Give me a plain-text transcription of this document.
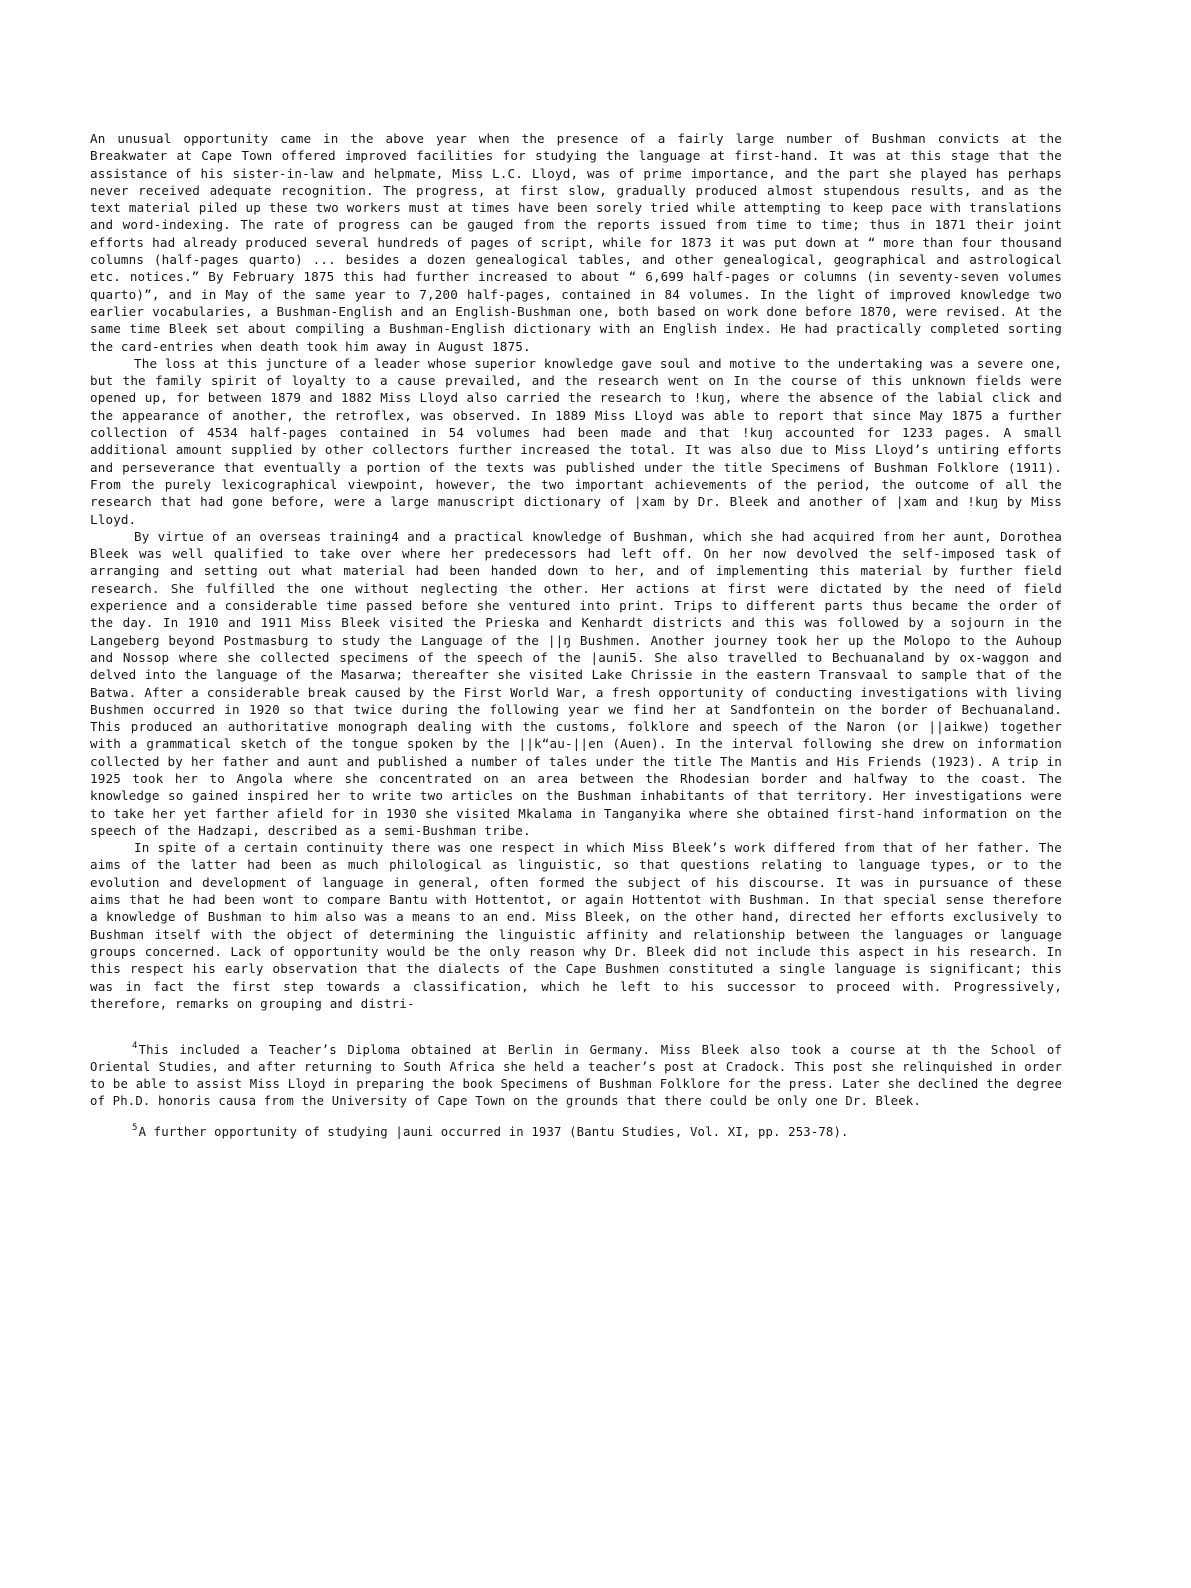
An unusual opportunity came in the above year when the presence of a fairly large number of Bushman convicts at the Breakwater at Cape Town offered improved facilities for studying the language at first-hand. It was at this stage that the assistance of his sister-in-law and helpmate, Miss L.C. Lloyd, was of prime importance, and the part she played has perhaps never received adequate recognition. The progress, at first slow, gradually produced almost stupendous results, and as the text material piled up these two workers must at times have been sorely tried while attempting to keep pace with translations and word-indexing. The rate of progress can be gauged from the reports issued from time to time; thus in 1871 their joint efforts had already produced several hundreds of pages of script, while for 1873 it was put down at “ more than four thousand columns (half-pages quarto) ... besides a dozen genealogical tables, and other genealogical, geographical and astrological etc. notices.” By February 1875 this had further increased to about “ 6,699 half-pages or columns (in seventy-seven volumes quarto)”, and in May of the same year to 7,200 half-pages, contained in 84 volumes. In the light of improved knowledge two earlier vocabularies, a Bushman-English and an English-Bushman one, both based on work done before 1870, were revised. At the same time Bleek set about compiling a Bushman-English dictionary with an English index. He had practically completed sorting the card-entries when death took him away in August 1875.

The loss at this juncture of a leader whose superior knowledge gave soul and motive to the undertaking was a severe one, but the family spirit of loyalty to a cause prevailed, and the research went on In the course of this unknown fields were opened up, for between 1879 and 1882 Miss Lloyd also carried the research to !kuŋ, where the absence of the labial click and the appearance of another, the retroflex, was observed. In 1889 Miss Lloyd was able to report that since May 1875 a further collection of 4534 half-pages contained in 54 volumes had been made and that !kuŋ accounted for 1233 pages. A small additional amount supplied by other collectors further increased the total. It was also due to Miss Lloyd’s untiring efforts and perseverance that eventually a portion of the texts was published under the title Specimens of Bushman Folklore (1911). From the purely lexicographical viewpoint, however, the two important achievements of the period, the outcome of all the research that had gone before, were a large manuscript dictionary of |xam by Dr. Bleek and another of |xam and !kuŋ by Miss Lloyd.

By virtue of an overseas training4 and a practical knowledge of Bushman, which she had acquired from her aunt, Dorothea Bleek was well qualified to take over where her predecessors had left off. On her now devolved the self-imposed task of arranging and setting out what material had been handed down to her, and of implementing this material by further field research. She fulfilled the one without neglecting the other. Her actions at first were dictated by the need of field experience and a considerable time passed before she ventured into print. Trips to different parts thus became the order of the day. In 1910 and 1911 Miss Bleek visited the Prieska and Kenhardt districts and this was followed by a sojourn in the Langeberg beyond Postmasburg to study the Language of the ||ŋ Bushmen. Another journey took her up the Molopo to the Auhoup and Nossop where she collected specimens of the speech of the |auni5. She also travelled to Bechuanaland by ox-waggon and delved into the language of the Masarwa; thereafter she visited Lake Chrissie in the eastern Transvaal to sample that of the Batwa. After a considerable break caused by the First World War, a fresh opportunity of conducting investigations with living Bushmen occurred in 1920 so that twice during the following year we find her at Sandfontein on the border of Bechuanaland. This produced an authoritative monograph dealing with the customs, folklore and speech of the Naron (or ||aikwe) together with a grammatical sketch of the tongue spoken by the ||k“au-||en (Auen). In the interval following she drew on information collected by her father and aunt and published a number of tales under the title The Mantis and His Friends (1923). A trip in 1925 took her to Angola where she concentrated on an area between the Rhodesian border and halfway to the coast. The knowledge so gained inspired her to write two articles on the Bushman inhabitants of that territory. Her investigations were to take her yet farther afield for in 1930 she visited Mkalama in Tanganyika where she obtained first-hand information on the speech of the Hadzapi, described as a semi-Bushman tribe.

In spite of a certain continuity there was one respect in which Miss Bleek’s work differed from that of her father. The aims of the latter had been as much philological as linguistic, so that questions relating to language types, or to the evolution and development of language in general, often formed the subject of his discourse. It was in pursuance of these aims that he had been wont to compare Bantu with Hottentot, or again Hottentot with Bushman. In that special sense therefore a knowledge of Bushman to him also was a means to an end. Miss Bleek, on the other hand, directed her efforts exclusively to Bushman itself with the object of determining the linguistic affinity and relationship between the languages or language groups concerned. Lack of opportunity would be the only reason why Dr. Bleek did not include this aspect in his research. In this respect his early observation that the dialects of the Cape Bushmen constituted a single language is significant; this was in fact the first step towards a classification, which he left to his successor to proceed with. Progressively, therefore, remarks on grouping and distri-

$^4$This included a Teacher’s Diploma obtained at Berlin in Germany. Miss Bleek also took a course at th the School of Oriental Studies, and after returning to South Africa she held a teacher’s post at Cradock. This post she relinquished in order to be able to assist Miss Lloyd in preparing the book Specimens of Bushman Folklore for the press. Later she declined the degree of Ph.D. honoris causa from the University of Cape Town on the grounds that there could be only one Dr. Bleek.

$^5$A further opportunity of studying |auni occurred in 1937 (Bantu Studies, Vol. XI, pp. 253-78).
